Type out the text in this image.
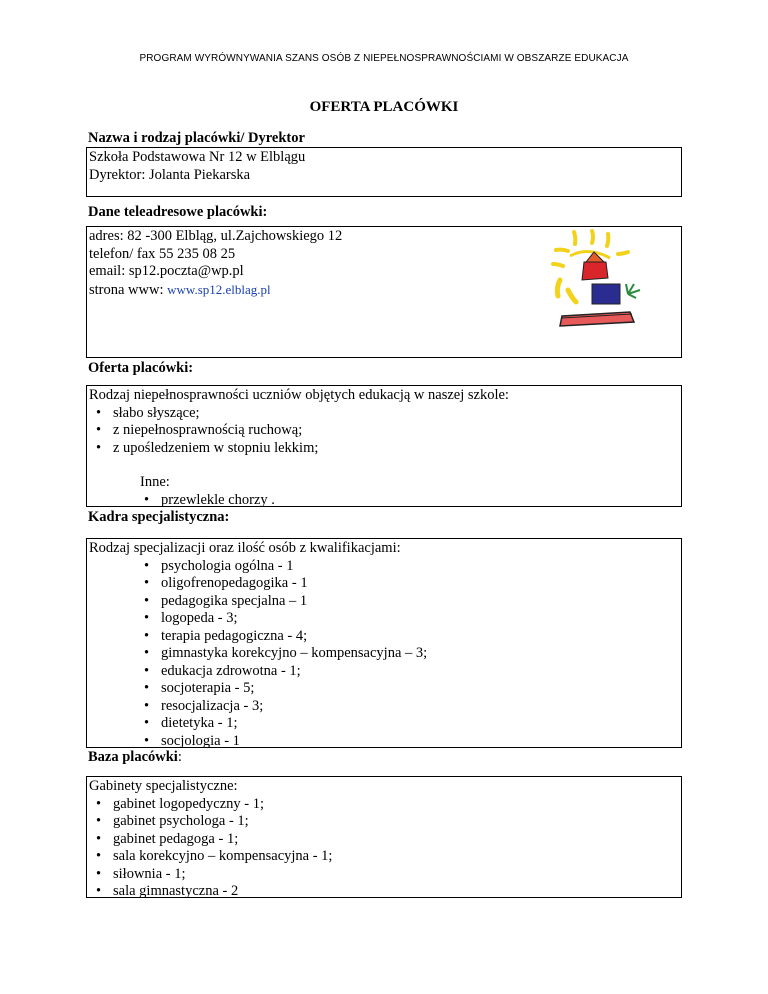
PROGRAM WYRÓWNYWANIA SZANS OSÓB Z NIEPEŁNOSPRAWNOŚCIAMI W OBSZARZE EDUKACJA
OFERTA PLACÓWKI
Nazwa i rodzaj placówki/ Dyrektor
Szkoła Podstawowa Nr 12 w Elblągu
Dyrektor: Jolanta Piekarska
Dane teleadresowe placówki:
adres: 82 -300 Elbląg, ul.Zajchowskiego 12
telefon/ fax 55 235 08 25
email: sp12.poczta@wp.pl
strona www: www.sp12.elblag.pl
Oferta placówki:
Rodzaj niepełnosprawności uczniów objętych edukacją w naszej szkole:
• słabo słyszące;
• z niepełnosprawnością ruchową;
• z upośledzeniem w stopniu lekkim;
Inne:
• przewlekle chorzy .
Kadra specjalistyczna:
Rodzaj specjalizacji oraz ilość osób z kwalifikacjami:
• psychologia ogólna - 1
• oligofrenopedagogika - 1
• pedagogika specjalna – 1
• logopeda - 3;
• terapia pedagogiczna - 4;
• gimnastyka korekcyjno – kompensacyjna – 3;
• edukacja zdrowotna - 1;
• socjoterapia - 5;
• resocjalizacja - 3;
• dietetyka - 1;
• socjologia - 1
Baza placówki:
Gabinety specjalistyczne:
• gabinet logopedyczny - 1;
• gabinet psychologa - 1;
• gabinet pedagoga - 1;
• sala korekcyjno – kompensacyjna - 1;
• siłownia - 1;
• sala gimnastyczna - 2
